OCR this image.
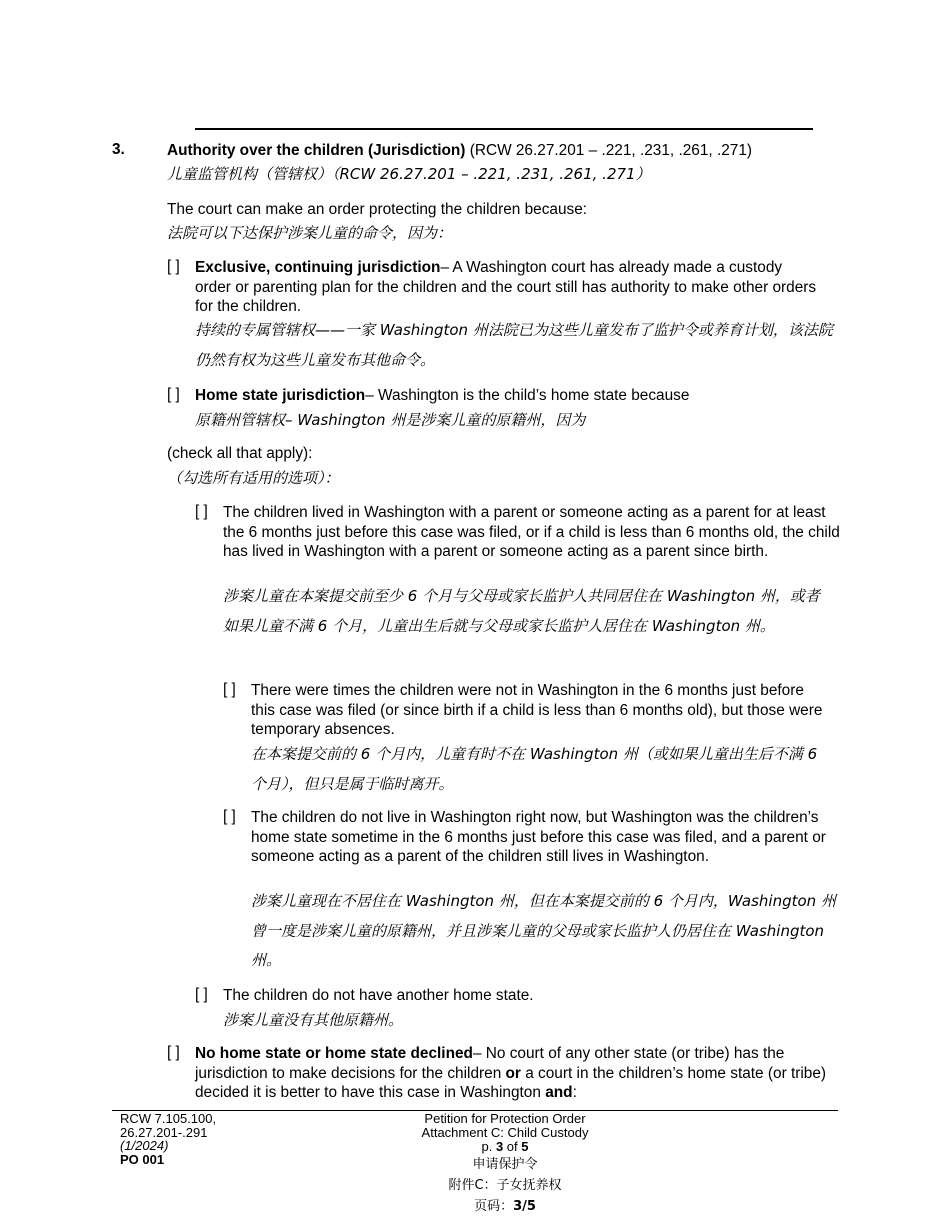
3.	Authority over the children (Jurisdiction) (RCW 26.27.201 – .221, .231, .261, .271)
儿童监管机构（管辖权）（RCW 26.27.201 – .221, .231, .261, .271）
The court can make an order protecting the children because:
法院可以下达保护涉案儿童的命令，因为：
[ ] Exclusive, continuing jurisdiction– A Washington court has already made a custody order or parenting plan for the children and the court still has authority to make other orders for the children.
持续的专属管辖权——一家 Washington 州法院已为这些儿童发布了监护令或养育计划，该法院仍然有权为这些儿童发布其他命令。
[ ] Home state jurisdiction– Washington is the child’s home state because
原籍州管辖权– Washington 州是涉案儿童的原籍州，因为
(check all that apply):
（勾选所有适用的选项）：
[ ] The children lived in Washington with a parent or someone acting as a parent for at least the 6 months just before this case was filed, or if a child is less than 6 months old, the child has lived in Washington with a parent or someone acting as a parent since birth.
涉案儿童在本案提交前至少 6 个月与父母或家长监护人共同居住在 Washington 州，或者如果儿童不满 6 个月，儿童出生后就与父母或家长监护人居住在 Washington 州。
[ ] There were times the children were not in Washington in the 6 months just before this case was filed (or since birth if a child is less than 6 months old), but those were temporary absences.
在本案提交前的 6 个月内，儿童有时不在 Washington 州（或如果儿童出生后不满 6 个月），但只是属于临时离开。
[ ] The children do not live in Washington right now, but Washington was the children’s home state sometime in the 6 months just before this case was filed, and a parent or someone acting as a parent of the children still lives in Washington.
涉案儿童现在不居住在 Washington 州，但在本案提交前的 6 个月内，Washington 州曾一度是涉案儿童的原籍州，并且涉案儿童的父母或家长监护人仍居住在 Washington 州。
[ ] The children do not have another home state.
涉案儿童没有其他原籍州。
[ ] No home state or home state declined– No court of any other state (or tribe) has the jurisdiction to make decisions for the children or a court in the children’s home state (or tribe) decided it is better to have this case in Washington and:
RCW 7.105.100,
26.27.201-.291
(1/2024)
PO 001
Petition for Protection Order
Attachment C: Child Custody
p. 3 of 5
申请保护令
附件C：子女抚养权
页码：3/5
